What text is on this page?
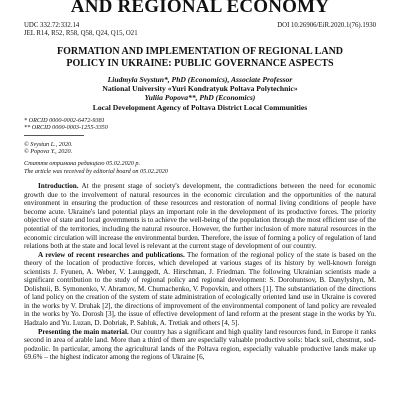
AND REGIONAL ECONOMY
UDC 332.72:332.14
JEL R14, R52, R58, Q58, Q24, Q15, O21
DOI 10.26906/EiR.2020.1(76).1930
FORMATION AND IMPLEMENTATION OF REGIONAL LAND
POLICY IN UKRAINE: PUBLIC GOVERNANCE ASPECTS
Liudmyla Svystun*, PhD (Economics), Associate Professor
National University «Yuri Kondratyuk Poltava Polytechnic»
Yuliia Popova**, PhD (Economics)
Local Development Agency of Poltava District Local Communities
* ORCID 0000-0002-6472-9381
** ORCID 0000-0003-1255-3350
© Svystun L., 2020.
© Popova Y., 2020.
Стаття отримана редакцією 05.02.2020 р.
The article was received by editorial board on 05.02.2020

Introduction. At the present stage of society's development, the contradictions between the need for economic growth due to the involvement of natural resources in the economic circulation and the opportunities of the natural environment in ensuring the production of these resources and restoration of normal living conditions of people have become acute. Ukraine's land potential plays an important role in the development of its productive forces. The priority objective of state and local governments is to achieve the well-being of the population through the most efficient use of the potential of the territories, including the natural resource. However, the further inclusion of more natural resources in the economic circulation will increase the environmental burden. Therefore, the issue of forming a policy of regulation of land relations both at the state and local level is relevant at the current stage of development of our country.

A review of recent researches and publications. The formation of the regional policy of the state is based on the theory of the location of productive forces, which developed at various stages of its history by well-known foreign scientists J. Fyunen, A. Weber, V. Launggedt, A. Hirschman, J. Friedman. The following Ukrainian scientists made a significant contribution to the study of regional policy and regional development: S. Dorohuntsov, B. Danylyshyn, M. Dolishnii, B. Symonenko, V. Abramov, M. Chumachenko, V. Popovkin, and others [1]. The substantiation of the directions of land policy on the creation of the system of state administration of ecologically oriented land use in Ukraine is covered in the works by V. Druhak [2], the directions of improvement of the environmental component of land policy are revealed in the works by Yo. Dorosh [3], the issue of effective development of land reform at the present stage in the works by Yu. Hadzalo and Yu. Luzan, D. Dobriak, P. Sabluk, A. Tretiak and others [4, 5].

Presenting the main material. Our country has a significant and high quality land resources fund, in Europe it ranks second in area of arable land. More than a third of them are especially valuable productive soils: black soil, chestnut, sod-podzolic. In particular, among the agricultural lands of the Poltava region, especially valuable productive lands make up 69.6% – the highest indicator among the regions of Ukraine [6,
